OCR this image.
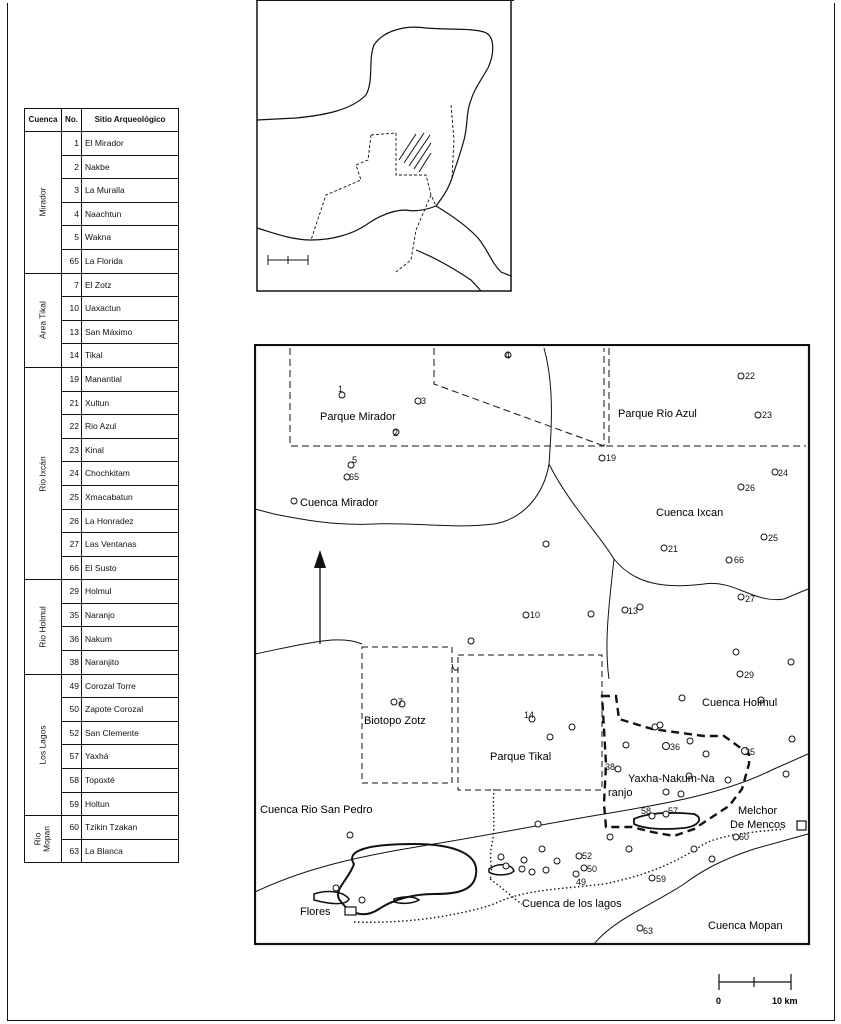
Cuenca	No.	Sitio Arqueológico

Mirador	1	El Mirador
	2	Nakbe
	3	La Muralla
	4	Naachtun
	5	Wakna
	65	La Florida

Area Tikal	7	El Zotz
	10	Uaxactun
	13	San Máximo
	14	Tikal

Rio Ixcán	19	Manantial
	21	Xultun
	22	Rio Azul
	23	Kinal
	24	Chochkitam
	25	Xmacabatun
	26	La Honradez
	27	Las Ventanas
	66	El Susto

Rio Holmul	29	Holmul
	35	Naranjo
	36	Nakum
	38	Naranjito

Los Lagos	49	Corozal Torre
	50	Zapote Corozal
	52	San Clemente
	57	Yaxhá
	58	Topoxté
	59	Holtun

Rio Mopan	60	Tzikin Tzakan
	63	La Blanca
1
2
3
4
5
65
7
10	13
14
19
21
22
23
24
25
26
27
66
29
35
36
38
49
50
52
57
58
59
60
63
Parque Mirador	Parque Rio Azul
Cuenca Mirador
Cuenca Ixcan
Cuenca Holmul
Biotopo Zotz
Parque Tikal
Yaxha-Nakum-Na
ranjo
Cuenca Rio San Pedro	Melchor
De Mencos
Flores
Cuenca de los lagos
Cuenca Mopan
0	10 km
